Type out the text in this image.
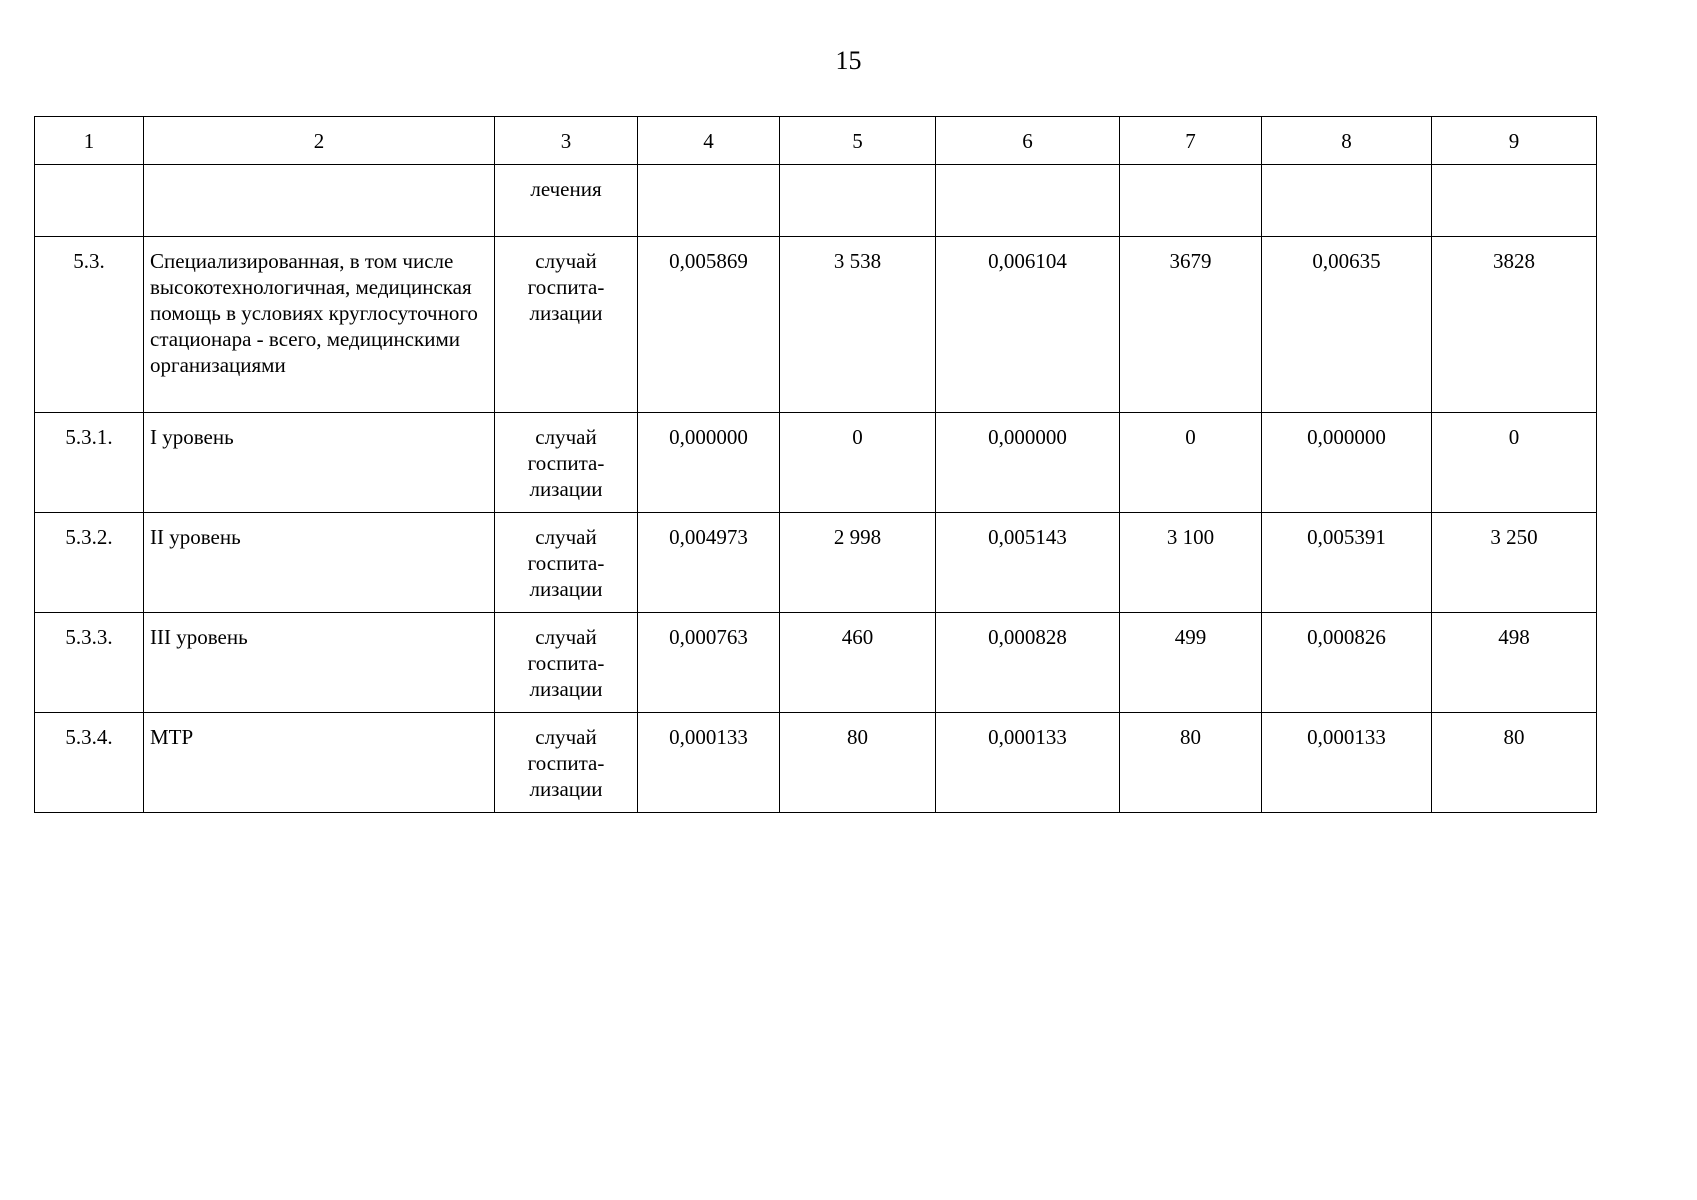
15
1	2	3	4	5	6	7	8	9
		лечения						
5.3.	Специализированная, в том числе высокотехнологичная, медицинская помощь в условиях круглосуточного стационара - всего, медицинскими организациями	случай госпита-лизации	0,005869	3 538	0,006104	3679	0,00635	3828
5.3.1.	I уровень	случай госпита-лизации	0,000000	0	0,000000	0	0,000000	0
5.3.2.	II уровень	случай госпита-лизации	0,004973	2 998	0,005143	3 100	0,005391	3 250
5.3.3.	III уровень	случай госпита-лизации	0,000763	460	0,000828	499	0,000826	498
5.3.4.	МТР	случай госпита-лизации	0,000133	80	0,000133	80	0,000133	80
